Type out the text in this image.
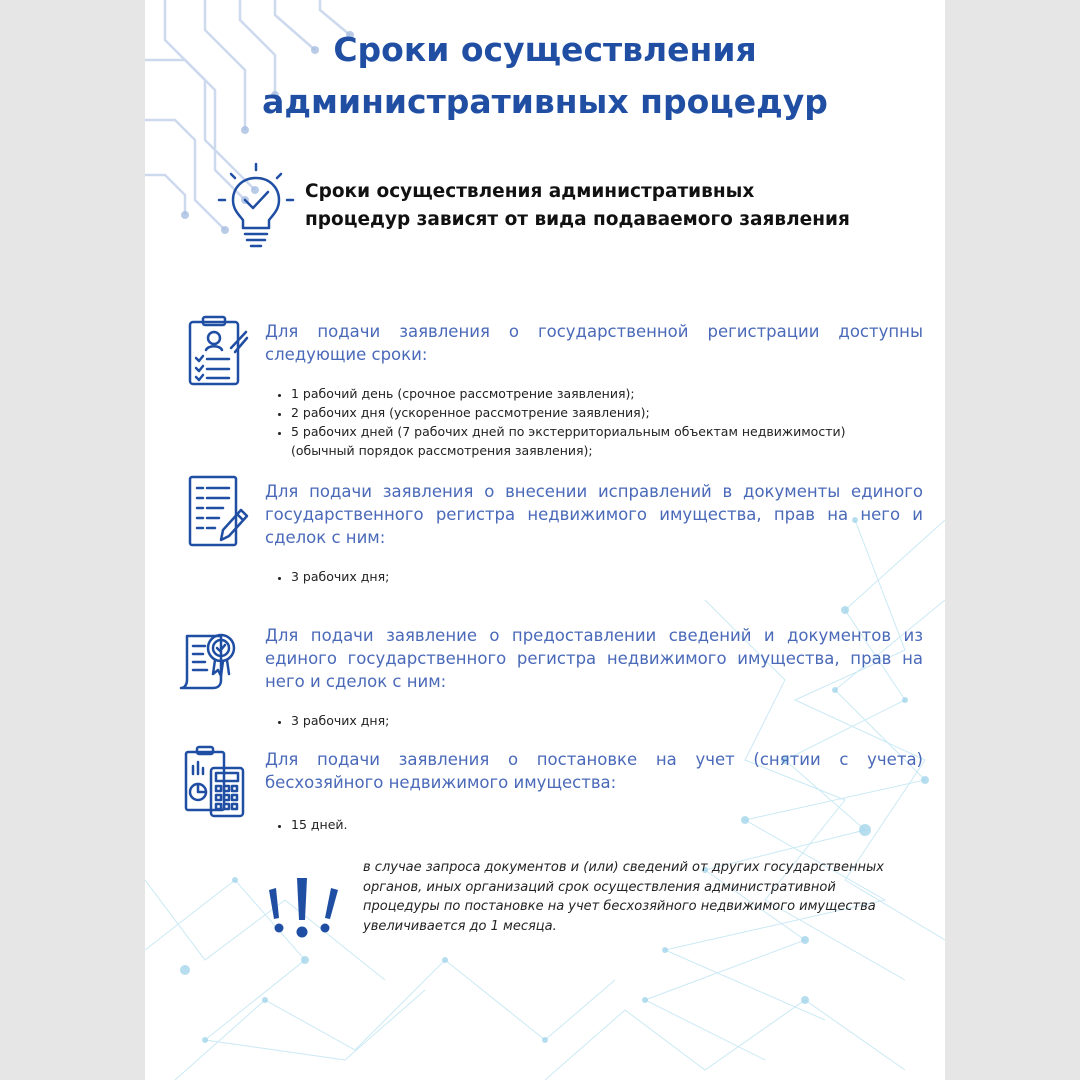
Сроки осуществления
административных процедур

Сроки осуществления административных
процедур зависят от вида подаваемого заявления

Для подачи заявления о государственной регистрации доступны следующие сроки:

• 1 рабочий день (срочное рассмотрение заявления);
• 2 рабочих дня (ускоренное рассмотрение заявления);
• 5 рабочих дней (7 рабочих дней по экстерриториальным объектам недвижимости) (обычный порядок рассмотрения заявления);

Для подачи заявления о внесении исправлений в документы единого государственного регистра недвижимого имущества, прав на него и сделок с ним:

• 3 рабочих дня;

Для подачи заявление о предоставлении сведений и документов из единого государственного регистра недвижимого имущества, прав на него и сделок с ним:

• 3 рабочих дня;

Для подачи заявления о постановке на учет (снятии с учета) бесхозяйного недвижимого имущества:

• 15 дней.

в случае запроса документов и (или) сведений от других государственных органов, иных организаций срок осуществления административной процедуры по постановке на учет бесхозяйного недвижимого имущества увеличивается до 1 месяца.
